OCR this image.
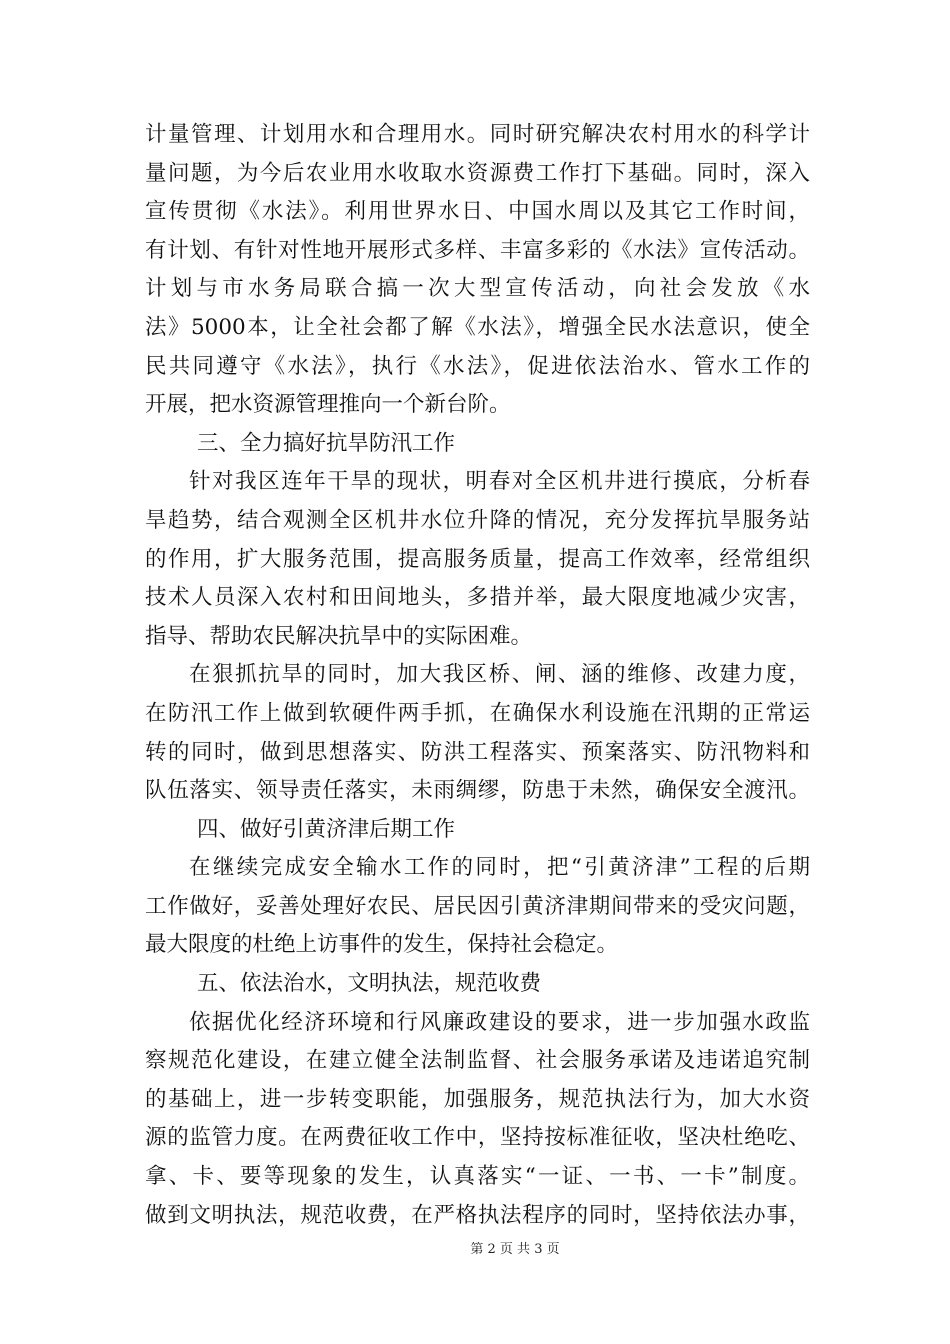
计量管理、计划用水和合理用水。同时研究解决农村用水的科学计
量问题，为今后农业用水收取水资源费工作打下基础。同时，深入
宣传贯彻《水法》。利用世界水日、中国水周以及其它工作时间，
有计划、有针对性地开展形式多样、丰富多彩的《水法》宣传活动。
计划与市水务局联合搞一次大型宣传活动，向社会发放《水
法》5000本，让全社会都了解《水法》，增强全民水法意识，使全
民共同遵守《水法》，执行《水法》，促进依法治水、管水工作的
开展，把水资源管理推向一个新台阶。
三、全力搞好抗旱防汛工作
针对我区连年干旱的现状，明春对全区机井进行摸底，分析春
旱趋势，结合观测全区机井水位升降的情况，充分发挥抗旱服务站
的作用，扩大服务范围，提高服务质量，提高工作效率，经常组织
技术人员深入农村和田间地头，多措并举，最大限度地减少灾害，
指导、帮助农民解决抗旱中的实际困难。
在狠抓抗旱的同时，加大我区桥、闸、涵的维修、改建力度，
在防汛工作上做到软硬件两手抓，在确保水利设施在汛期的正常运
转的同时，做到思想落实、防洪工程落实、预案落实、防汛物料和
队伍落实、领导责任落实，未雨绸缪，防患于未然，确保安全渡汛。
四、做好引黄济津后期工作
在继续完成安全输水工作的同时，把“引黄济津”工程的后期
工作做好，妥善处理好农民、居民因引黄济津期间带来的受灾问题，
最大限度的杜绝上访事件的发生，保持社会稳定。
五、依法治水，文明执法，规范收费
依据优化经济环境和行风廉政建设的要求，进一步加强水政监
察规范化建设，在建立健全法制监督、社会服务承诺及违诺追究制
的基础上，进一步转变职能，加强服务，规范执法行为，加大水资
源的监管力度。在两费征收工作中，坚持按标准征收，坚决杜绝吃、
拿、卡、要等现象的发生，认真落实“一证、一书、一卡”制度。
做到文明执法，规范收费，在严格执法程序的同时，坚持依法办事，
第 2 页 共 3 页
